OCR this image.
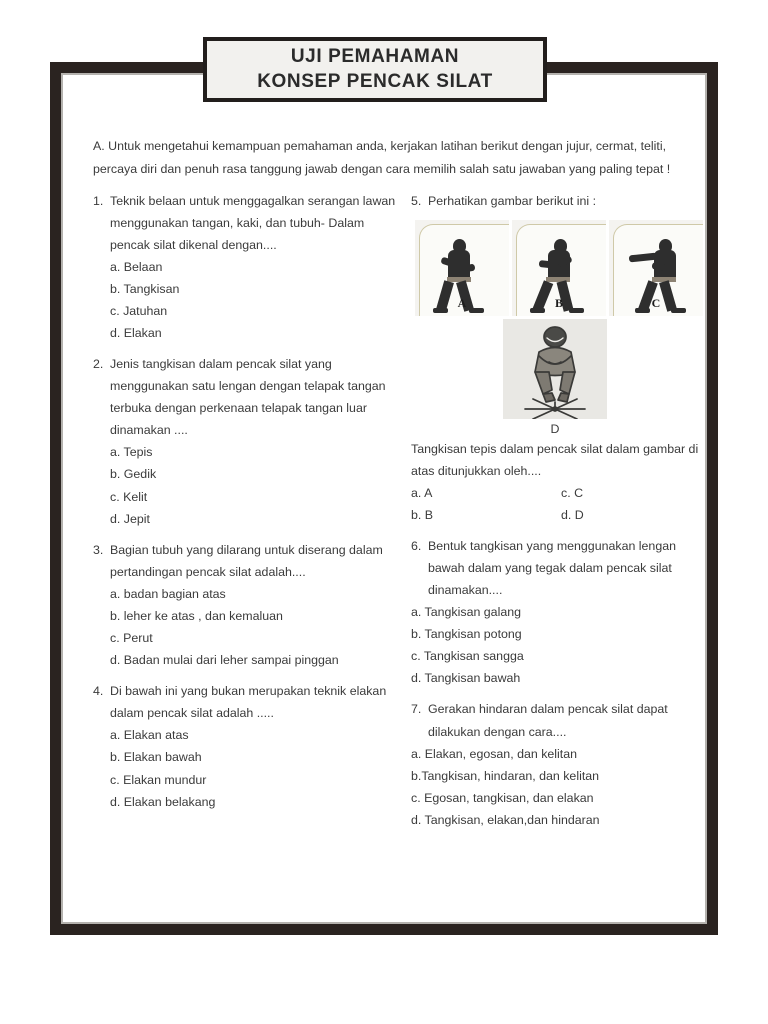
A. Untuk mengetahui kemampuan pemahaman anda, kerjakan latihan berikut dengan jujur, cermat, teliti, percaya diri dan penuh rasa tanggung jawab dengan cara memilih salah satu jawaban yang paling tepat !

1. Teknik belaan untuk menggagalkan serangan lawan menggunakan tangan, kaki, dan tubuh- Dalam pencak silat dikenal dengan....
a. Belaan
b. Tangkisan
c. Jatuhan
d. Elakan
2. Jenis tangkisan dalam pencak silat yang menggunakan satu lengan dengan telapak tangan terbuka dengan perkenaan telapak tangan luar dinamakan ....
a. Tepis
b. Gedik
c. Kelit
d. Jepit
3. Bagian tubuh yang dilarang untuk diserang dalam pertandingan pencak silat adalah....
a. badan bagian atas
b. leher ke atas , dan kemaluan
c. Perut
d. Badan mulai dari leher sampai pinggan
4. Di bawah ini yang bukan merupakan teknik elakan dalam pencak silat adalah .....
a. Elakan atas
b. Elakan bawah
c. Elakan mundur
d. Elakan belakang
5. Perhatikan gambar berikut ini :
A	B	C
D
Tangkisan tepis dalam pencak silat dalam gambar di atas ditunjukkan oleh....
a. A	c. C
b. B	d. D
6. Bentuk tangkisan yang menggunakan lengan bawah dalam yang tegak dalam pencak silat dinamakan....
a. Tangkisan galang
b. Tangkisan potong
c. Tangkisan sangga
d. Tangkisan bawah
7. Gerakan hindaran dalam pencak silat dapat dilakukan dengan cara....
a. Elakan, egosan, dan kelitan
b.Tangkisan, hindaran, dan kelitan
c. Egosan, tangkisan, dan elakan
d. Tangkisan, elakan,dan hindaran
UJI PEMAHAMAN
KONSEP PENCAK SILAT
